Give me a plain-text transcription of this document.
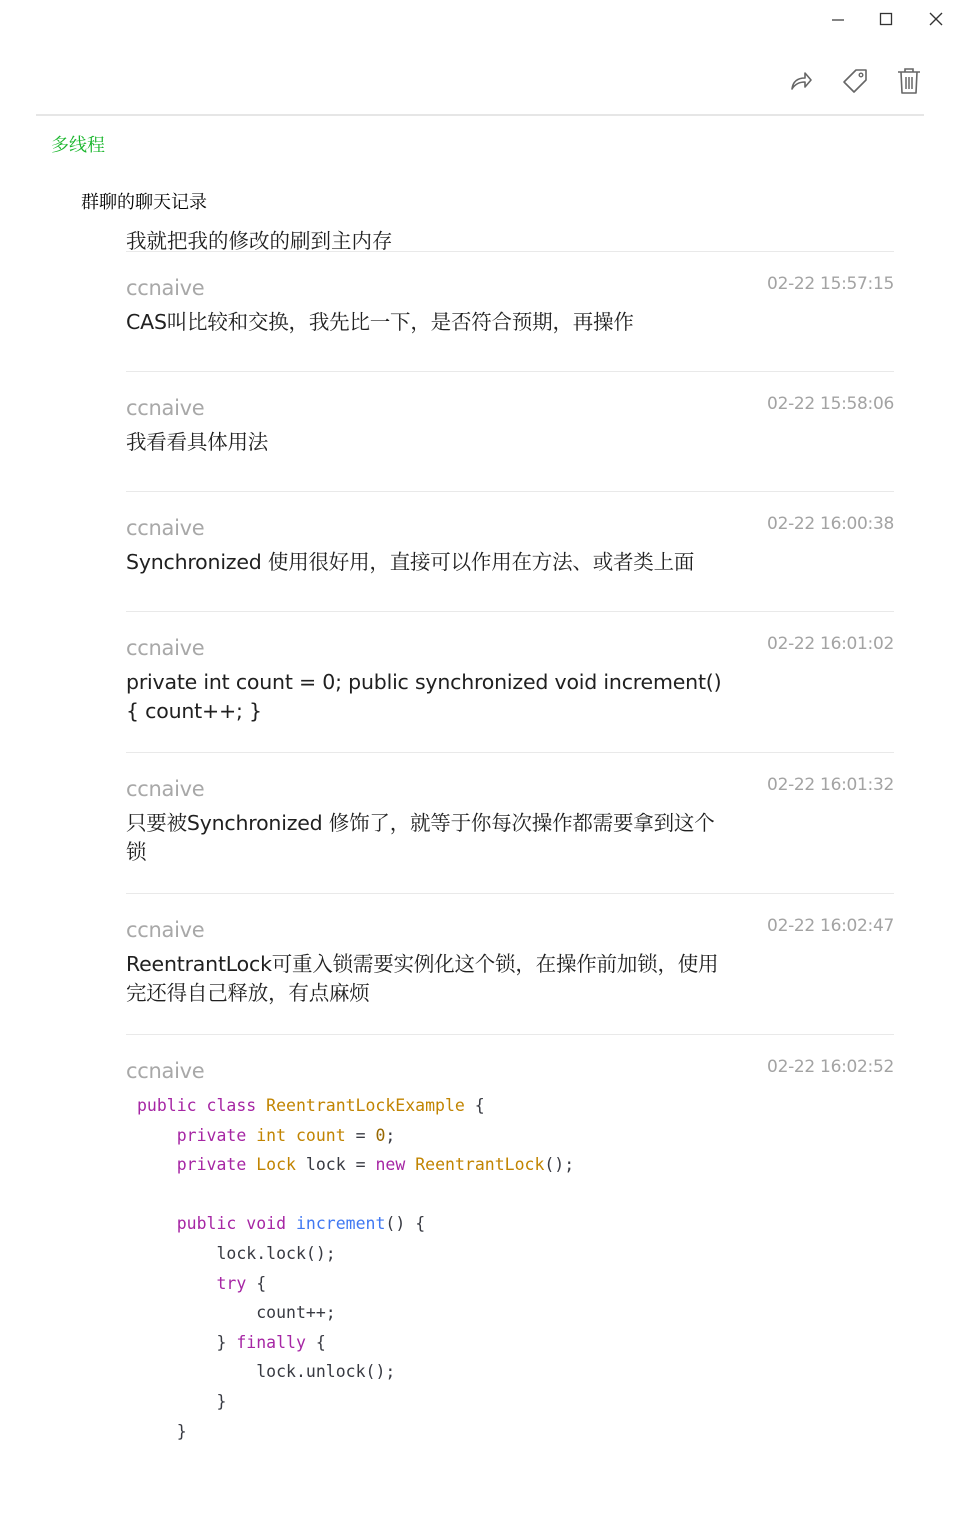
多线程
群聊的聊天记录
我就把我的修改的刷到主内存
ccnaive	02-22 15:57:15
CAS叫比较和交换，我先比一下，是否符合预期，再操作
ccnaive	02-22 15:58:06
我看看具体用法
ccnaive	02-22 16:00:38
Synchronized 使用很好用，直接可以作用在方法、或者类上面
ccnaive	02-22 16:01:02
private int count = 0; public synchronized void increment() { count++; }
ccnaive	02-22 16:01:32
只要被Synchronized 修饰了，就等于你每次操作都需要拿到这个锁
ccnaive	02-22 16:02:47
ReentrantLock可重入锁需要实例化这个锁，在操作前加锁，使用完还得自己释放，有点麻烦
ccnaive	02-22 16:02:52
public class ReentrantLockExample {
private int count = 0;
private Lock lock = new ReentrantLock();

public void increment() {
lock.lock();
try {
count++;
} finally {
lock.unlock();
}
}
